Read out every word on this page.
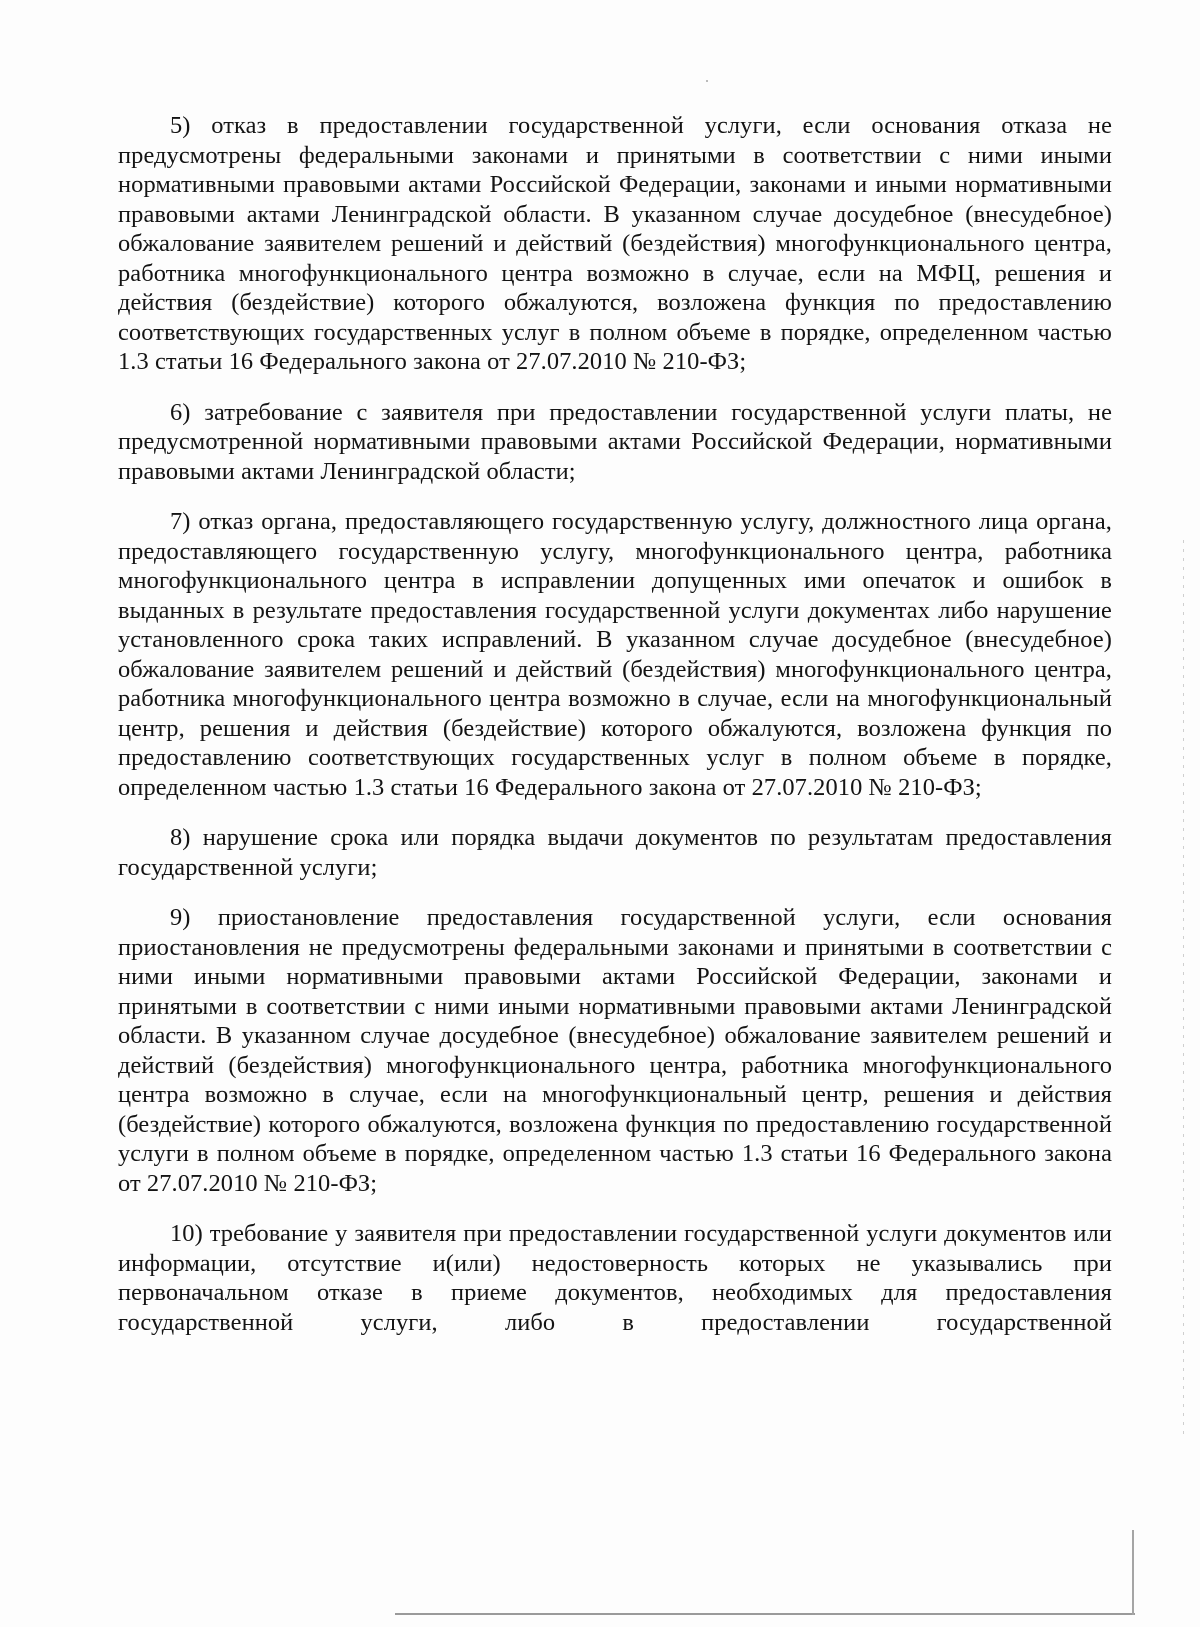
5) отказ в предоставлении государственной услуги, если основания отказа не предусмотрены федеральными законами и принятыми в соответствии с ними иными нормативными правовыми актами Российской Федерации, законами и иными нормативными правовыми актами Ленинградской области. В указанном случае досудебное (внесудебное) обжалование заявителем решений и действий (бездействия) многофункционального центра, работника многофункционального центра возможно в случае, если на МФЦ, решения и действия (бездействие) которого обжалуются, возложена функция по предоставлению соответствующих государственных услуг в полном объеме в порядке, определенном частью 1.3 статьи 16 Федерального закона от 27.07.2010 № 210-ФЗ;

6) затребование с заявителя при предоставлении государственной услуги платы, не предусмотренной нормативными правовыми актами Российской Федерации, нормативными правовыми актами Ленинградской области;

7) отказ органа, предоставляющего государственную услугу, должностного лица органа, предоставляющего государственную услугу, многофункционального центра, работника многофункционального центра в исправлении допущенных ими опечаток и ошибок в выданных в результате предоставления государственной услуги документах либо нарушение установленного срока таких исправлений. В указанном случае досудебное (внесудебное) обжалование заявителем решений и действий (бездействия) многофункционального центра, работника многофункционального центра возможно в случае, если на многофункциональный центр, решения и действия (бездействие) которого обжалуются, возложена функция по предоставлению соответствующих государственных услуг в полном объеме в порядке, определенном частью 1.3 статьи 16 Федерального закона от 27.07.2010 № 210-ФЗ;

8) нарушение срока или порядка выдачи документов по результатам предоставления государственной услуги;

9) приостановление предоставления государственной услуги, если основания приостановления не предусмотрены федеральными законами и принятыми в соответствии с ними иными нормативными правовыми актами Российской Федерации, законами и принятыми в соответствии с ними иными нормативными правовыми актами Ленинградской области. В указанном случае досудебное (внесудебное) обжалование заявителем решений и действий (бездействия) многофункционального центра, работника многофункционального центра возможно в случае, если на многофункциональный центр, решения и действия (бездействие) которого обжалуются, возложена функция по предоставлению государственной услуги в полном объеме в порядке, определенном частью 1.3 статьи 16 Федерального закона от 27.07.2010 № 210-ФЗ;

10) требование у заявителя при предоставлении государственной услуги документов или информации, отсутствие и(или) недостоверность которых не указывались при первоначальном отказе в приеме документов, необходимых для предоставления государственной услуги, либо в предоставлении государственной
